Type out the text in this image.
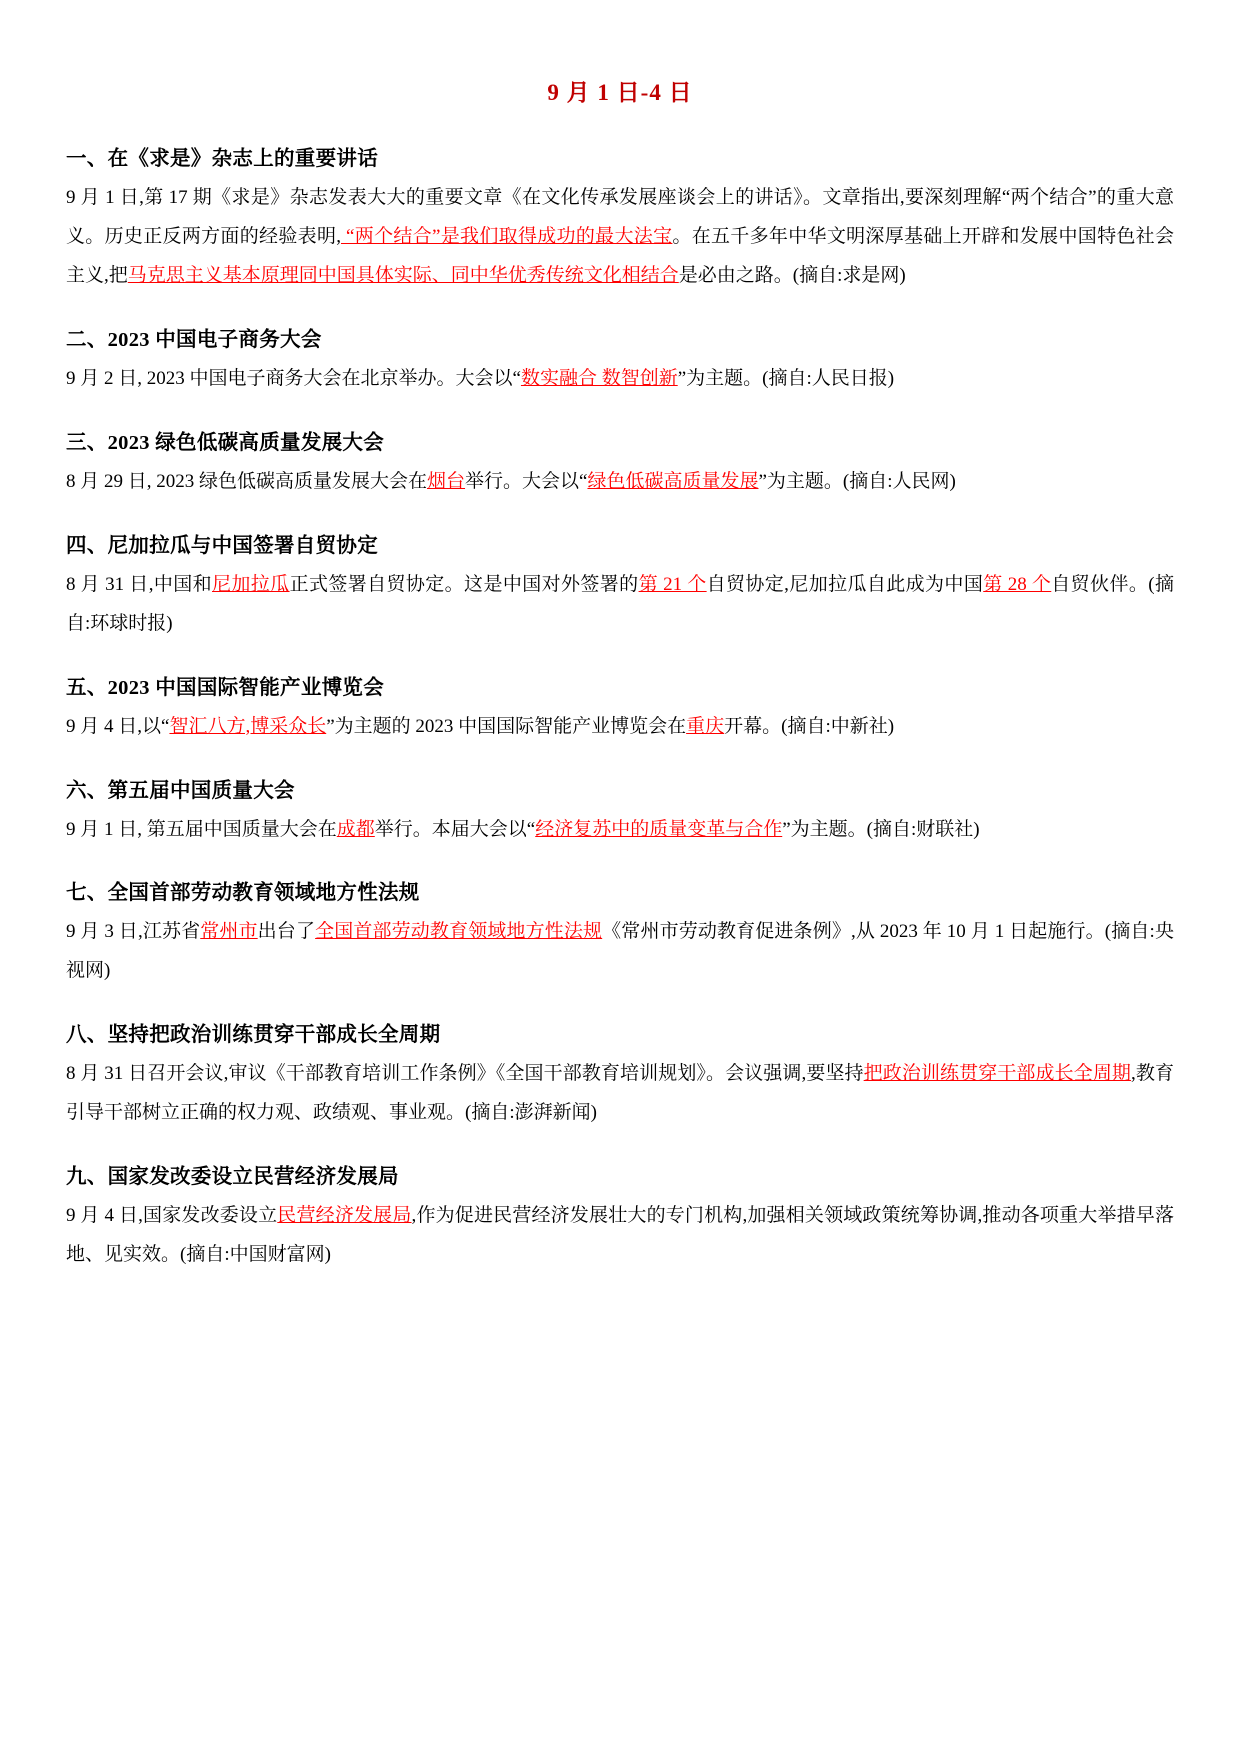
9 月 1 日-4 日
一、在《求是》杂志上的重要讲话

9 月 1 日,第 17 期《求是》杂志发表大大的重要文章《在文化传承发展座谈会上的讲话》。文章指出,要深刻理解“两个结合”的重大意义。历史正反两方面的经验表明, “两个结合”是我们取得成功的最大法宝。在五千多年中华文明深厚基础上开辟和发展中国特色社会主义,把马克思主义基本原理同中国具体实际、同中华优秀传统文化相结合是必由之路。(摘自:求是网)

二、2023 中国电子商务大会

9 月 2 日, 2023 中国电子商务大会在北京举办。大会以“数实融合 数智创新”为主题。(摘自:人民日报)

三、2023 绿色低碳高质量发展大会

8 月 29 日, 2023 绿色低碳高质量发展大会在烟台举行。大会以“绿色低碳高质量发展”为主题。(摘自:人民网)

四、尼加拉瓜与中国签署自贸协定

8 月 31 日,中国和尼加拉瓜正式签署自贸协定。这是中国对外签署的第 21 个自贸协定,尼加拉瓜自此成为中国第 28 个自贸伙伴。(摘自:环球时报)

五、2023 中国国际智能产业博览会

9 月 4 日,以“智汇八方,博采众长”为主题的 2023 中国国际智能产业博览会在重庆开幕。(摘自:中新社)

六、第五届中国质量大会

9 月 1 日, 第五届中国质量大会在成都举行。本届大会以“经济复苏中的质量变革与合作”为主题。(摘自:财联社)

七、全国首部劳动教育领域地方性法规

9 月 3 日,江苏省常州市出台了全国首部劳动教育领域地方性法规《常州市劳动教育促进条例》,从 2023 年 10 月 1 日起施行。(摘自:央视网)

八、坚持把政治训练贯穿干部成长全周期

8 月 31 日召开会议,审议《干部教育培训工作条例》《全国干部教育培训规划》。会议强调,要坚持把政治训练贯穿干部成长全周期,教育引导干部树立正确的权力观、政绩观、事业观。(摘自:澎湃新闻)

九、国家发改委设立民营经济发展局

9 月 4 日,国家发改委设立民营经济发展局,作为促进民营经济发展壮大的专门机构,加强相关领域政策统筹协调,推动各项重大举措早落地、见实效。(摘自:中国财富网)
